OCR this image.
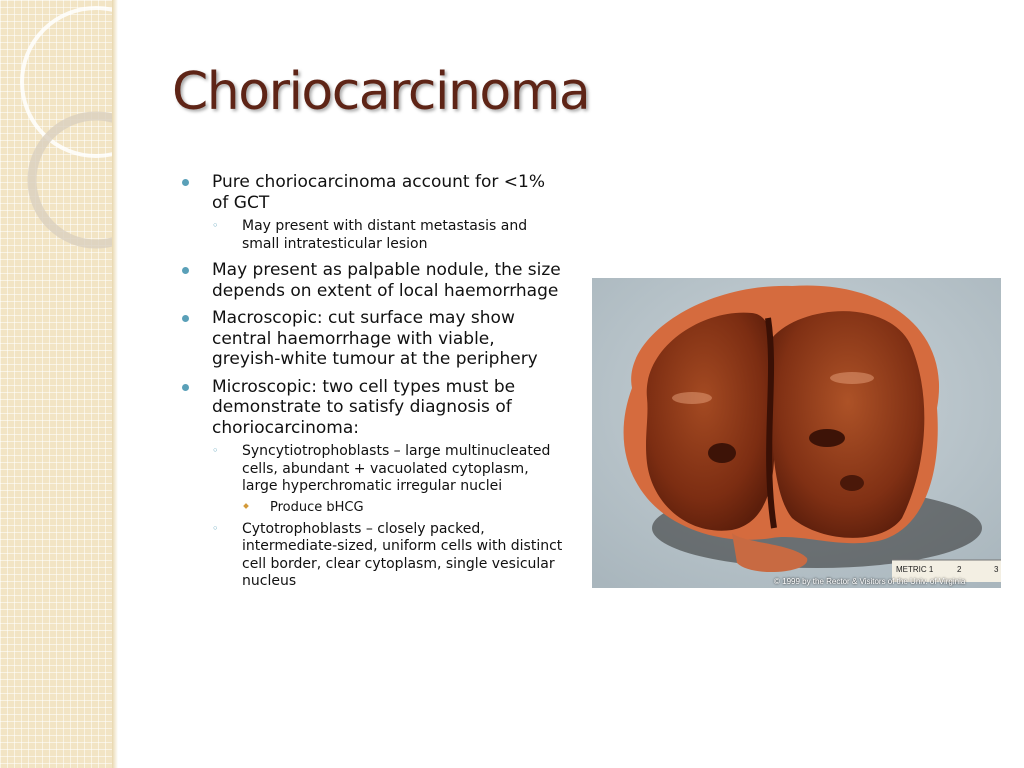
Choriocarcinoma
Pure choriocarcinoma account for <1% of GCT
◦ May present with distant metastasis and small intratesticular lesion
May present as palpable nodule, the size depends on extent of local haemorrhage
Macroscopic: cut surface may show central haemorrhage with viable, greyish-white tumour at the periphery
Microscopic: two cell types must be demonstrate to satisfy diagnosis of choriocarcinoma:
◦ Syncytiotrophoblasts – large multinucleated cells, abundant + vacuolated cytoplasm, large hyperchromatic irregular nuclei
Produce bHCG
◦ Cytotrophoblasts – closely packed, intermediate-sized, uniform cells with distinct cell border, clear cytoplasm, single vesicular nucleus
METRIC 1	2	3
© 1999 by the Rector & Visitors of the Univ. of Virginia
